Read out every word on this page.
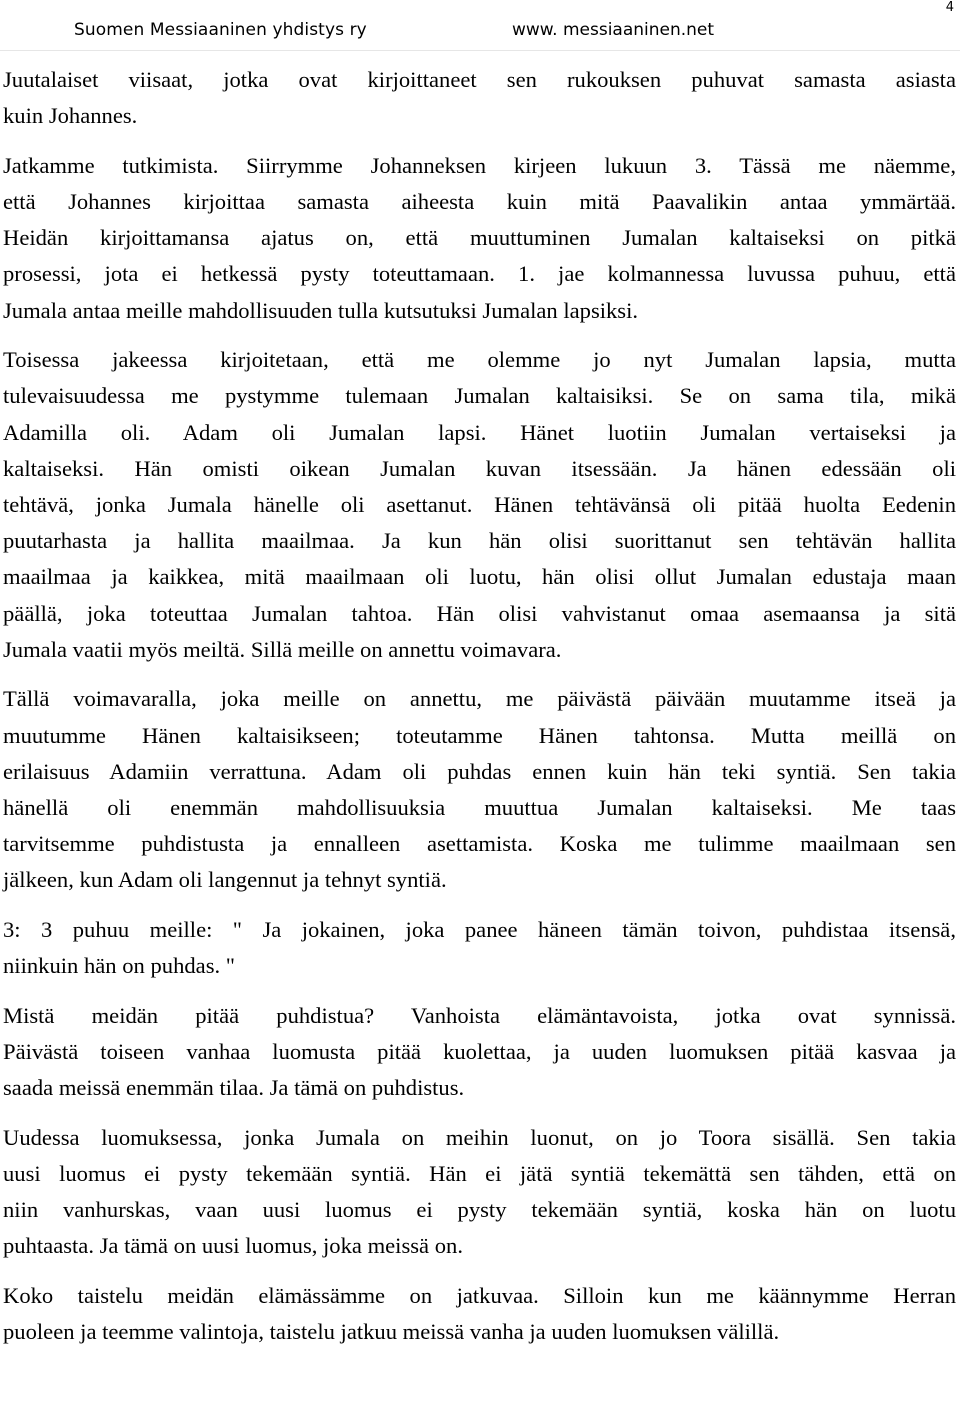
Suomen Messiaaninen yhdistys ry	www. messiaaninen.net
4

Juutalaiset viisaat, jotka ovat kirjoittaneet sen rukouksen puhuvat samasta asiasta
kuin Johannes.

Jatkamme tutkimista. Siirrymme Johanneksen kirjeen lukuun 3. Tässä me näemme,
että Johannes kirjoittaa samasta aiheesta kuin mitä Paavalikin antaa ymmärtää.
Heidän kirjoittamansa ajatus on, että muuttuminen Jumalan kaltaiseksi on pitkä
prosessi, jota ei hetkessä pysty toteuttamaan. 1. jae kolmannessa luvussa puhuu, että
Jumala antaa meille mahdollisuuden tulla kutsutuksi Jumalan lapsiksi.

Toisessa jakeessa kirjoitetaan, että me olemme jo nyt Jumalan lapsia, mutta
tulevaisuudessa me pystymme tulemaan Jumalan kaltaisiksi. Se on sama tila, mikä
Adamilla oli. Adam oli Jumalan lapsi. Hänet luotiin Jumalan vertaiseksi ja
kaltaiseksi. Hän omisti oikean Jumalan kuvan itsessään. Ja hänen edessään oli
tehtävä, jonka Jumala hänelle oli asettanut. Hänen tehtävänsä oli pitää huolta Eedenin
puutarhasta ja hallita maailmaa. Ja kun hän olisi suorittanut sen tehtävän hallita
maailmaa ja kaikkea, mitä maailmaan oli luotu, hän olisi ollut Jumalan edustaja maan
päällä, joka toteuttaa Jumalan tahtoa. Hän olisi vahvistanut omaa asemaansa ja sitä
Jumala vaatii myös meiltä. Sillä meille on annettu voimavara.

Tällä voimavaralla, joka meille on annettu, me päivästä päivään muutamme itseä ja
muutumme Hänen kaltaisikseen; toteutamme Hänen tahtonsa. Mutta meillä on
erilaisuus Adamiin verrattuna. Adam oli puhdas ennen kuin hän teki syntiä. Sen takia
hänellä oli enemmän mahdollisuuksia muuttua Jumalan kaltaiseksi. Me taas
tarvitsemme puhdistusta ja ennalleen asettamista. Koska me tulimme maailmaan sen
jälkeen, kun Adam oli langennut ja tehnyt syntiä.

3: 3 puhuu meille: " Ja jokainen, joka panee häneen tämän toivon, puhdistaa itsensä,
niinkuin hän on puhdas. "

Mistä meidän pitää puhdistua? Vanhoista elämäntavoista, jotka ovat synnissä.
Päivästä toiseen vanhaa luomusta pitää kuolettaa, ja uuden luomuksen pitää kasvaa ja
saada meissä enemmän tilaa. Ja tämä on puhdistus.

Uudessa luomuksessa, jonka Jumala on meihin luonut, on jo Toora sisällä. Sen takia
uusi luomus ei pysty tekemään syntiä. Hän ei jätä syntiä tekemättä sen tähden, että on
niin vanhurskas, vaan uusi luomus ei pysty tekemään syntiä, koska hän on luotu
puhtaasta. Ja tämä on uusi luomus, joka meissä on.

Koko taistelu meidän elämässämme on jatkuvaa. Silloin kun me käännymme Herran
puoleen ja teemme valintoja, taistelu jatkuu meissä vanha ja uuden luomuksen välillä.
